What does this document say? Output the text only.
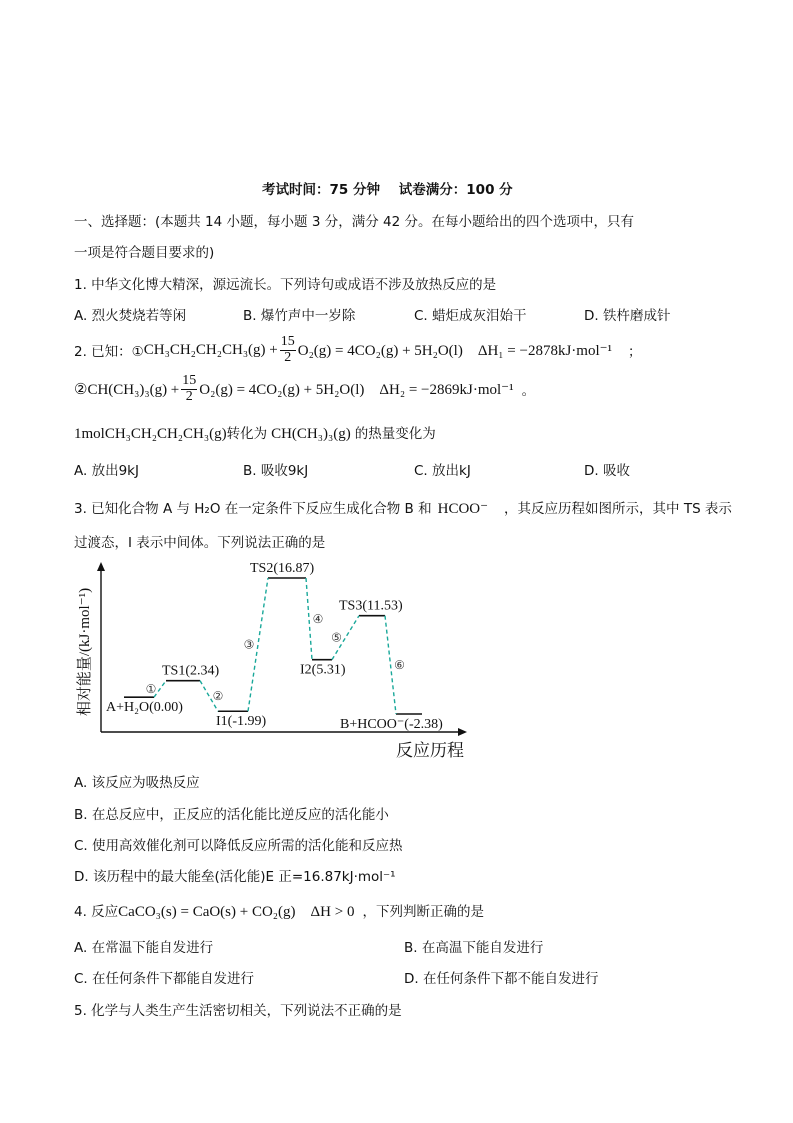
考试时间：75 分钟    试卷满分：100 分
一、选择题：(本题共 14 小题，每小题 3 分，满分 42 分。在每小题给出的四个选项中，只有
一项是符合题目要求的)
1. 中华文化博大精深，源远流长。下列诗句或成语不涉及放热反应的是
A. 烈火焚烧若等闲	B. 爆竹声中一岁除	C. 蜡炬成灰泪始干	D. 铁杵磨成针
2. 已知：① $CH_3CH_2CH_2CH_3(g) + \frac{15}{2} O_2(g) = 4CO_2(g) + 5H_2O(l)$    ΔH₁ = −2878kJ·mol⁻¹ ；
②CH(CH₃)₃(g) + $\frac{15}{2} O_2(g) = 4CO_2(g) + 5H_2O(l)$    ΔH₂ = −2869kJ·mol⁻¹ 。
1molCH₃CH₂CH₂CH₃(g)转化为 CH(CH₃)₃(g) 的热量变化为
A. 放出9kJ	B. 吸收9kJ	C. 放出kJ	D. 吸收
3. 已知化合物 A 与 H₂O 在一定条件下反应生成化合物 B 和 HCOO⁻ ，其反应历程如图所示，其中 TS 表示
过渡态，I 表示中间体。下列说法正确的是
相对能量/(kJ·mol⁻¹)
反应历程
A+H₂O(0.00)
TS1(2.34)
I1(-1.99)
TS2(16.87)
I2(5.31)
TS3(11.53)
B+HCOO⁻(-2.38)
①
②
③
④
⑤
⑥
A. 该反应为吸热反应
B. 在总反应中，正反应的活化能比逆反应的活化能小
C. 使用高效催化剂可以降低反应所需的活化能和反应热
D. 该历程中的最大能垒(活化能)E 正=16.87kJ·mol⁻¹
4. 反应CaCO₃(s) = CaO(s) + CO₂(g)    ΔH > 0 ，下列判断正确的是
A. 在常温下能自发进行	B. 在高温下能自发进行
C. 在任何条件下都能自发进行	D. 在任何条件下都不能自发进行
5. 化学与人类生产生活密切相关，下列说法不正确的是
